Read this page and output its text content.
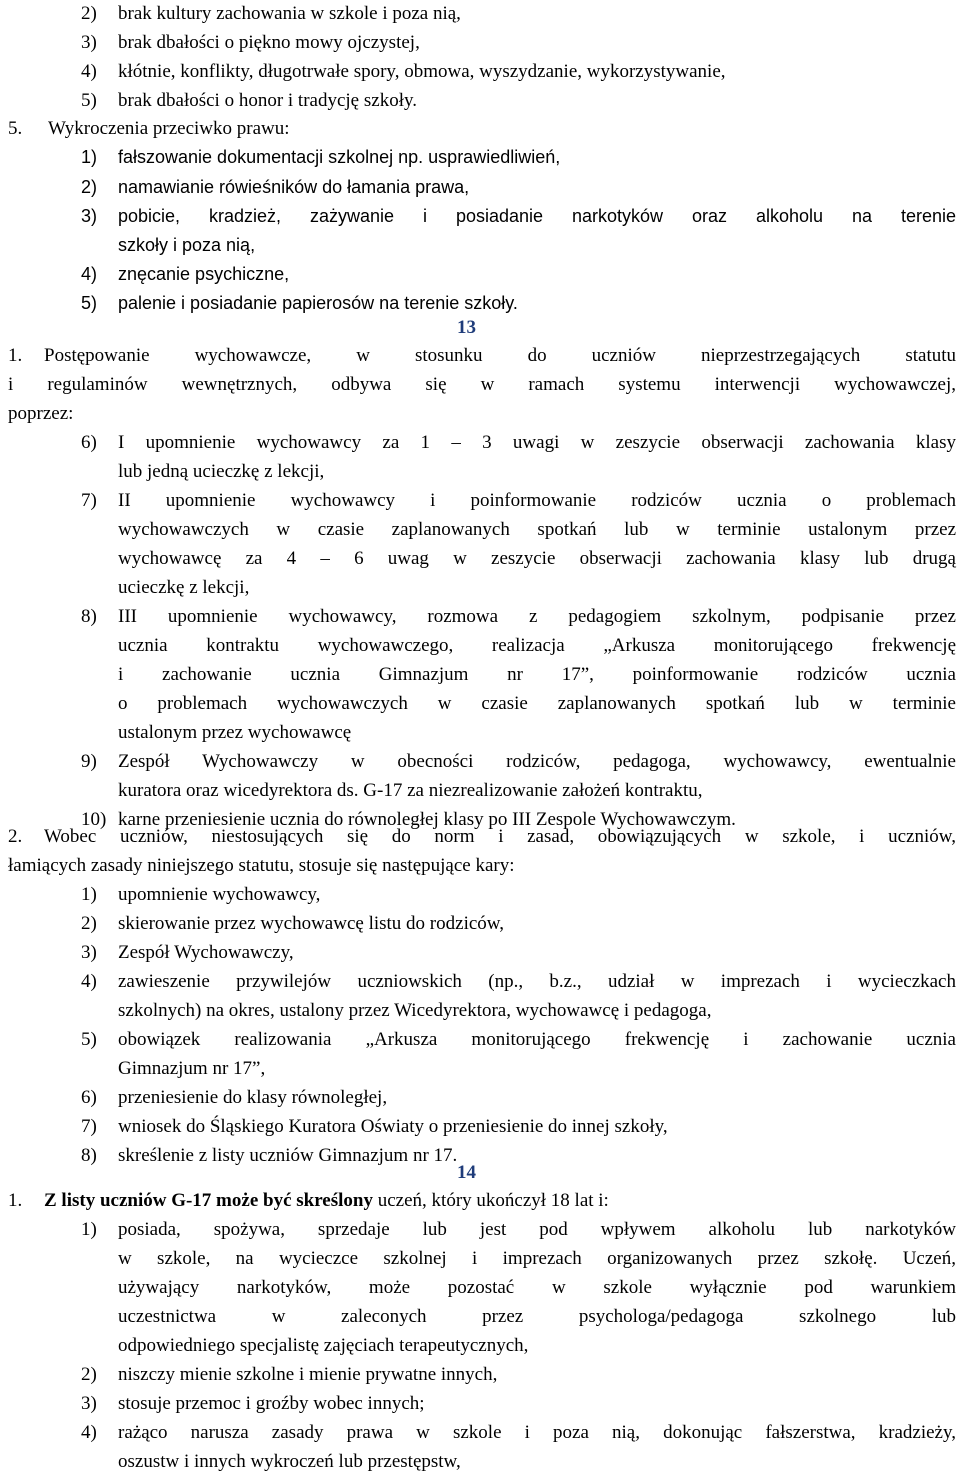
2) brak kultury zachowania w szkole i poza nią,
3) brak dbałości o piękno mowy ojczystej,
4) kłótnie, konflikty, długotrwałe spory, obmowa, wyszydzanie, wykorzystywanie,
5) brak dbałości o honor i tradycję szkoły.
5. Wykroczenia przeciwko prawu:
1) fałszowanie dokumentacji szkolnej np. usprawiedliwień,
2) namawianie rówieśników do łamania prawa,
3) pobicie, kradzież, zażywanie i posiadanie narkotyków oraz alkoholu na terenie
szkoły i poza nią,
4) znęcanie psychiczne,
5) palenie i posiadanie papierosów na terenie szkoły.
13
1. Postępowanie wychowawcze, w stosunku do uczniów nieprzestrzegających statutu
i regulaminów wewnętrznych, odbywa się w ramach systemu interwencji wychowawczej,
poprzez:
6) I upomnienie wychowawcy za 1 – 3 uwagi w zeszycie obserwacji zachowania klasy
lub jedną ucieczkę z lekcji,
7) II upomnienie wychowawcy i poinformowanie rodziców ucznia o problemach
wychowawczych w czasie zaplanowanych spotkań lub w terminie ustalonym przez
wychowawcę za 4 – 6 uwag w zeszycie obserwacji zachowania klasy lub drugą
ucieczkę z lekcji,
8) III upomnienie wychowawcy, rozmowa z pedagogiem szkolnym, podpisanie przez
ucznia kontraktu wychowawczego, realizacja „Arkusza monitorującego frekwencję
i zachowanie ucznia Gimnazjum nr 17”, poinformowanie rodziców ucznia
o problemach wychowawczych w czasie zaplanowanych spotkań lub w terminie
ustalonym przez wychowawcę
9) Zespół Wychowawczy w obecności rodziców, pedagoga, wychowawcy, ewentualnie
kuratora oraz wicedyrektora ds. G-17 za niezrealizowanie założeń kontraktu,
10) karne przeniesienie ucznia do równoległej klasy po III Zespole Wychowawczym.
2. Wobec uczniów, niestosujących się do norm i zasad, obowiązujących w szkole, i uczniów,
łamiących zasady niniejszego statutu, stosuje się następujące kary:
1) upomnienie wychowawcy,
2) skierowanie przez wychowawcę listu do rodziców,
3) Zespół Wychowawczy,
4) zawieszenie przywilejów uczniowskich (np., b.z., udział w imprezach i wycieczkach
szkolnych) na okres, ustalony przez Wicedyrektora, wychowawcę i pedagoga,
5) obowiązek realizowania „Arkusza monitorującego frekwencję i zachowanie ucznia
Gimnazjum nr 17”,
6) przeniesienie do klasy równoległej,
7) wniosek do Śląskiego Kuratora Oświaty o przeniesienie do innej szkoły,
8) skreślenie z listy uczniów Gimnazjum nr 17.
14
1. Z listy uczniów G-17 może być skreślony uczeń, który ukończył 18 lat i:
1) posiada, spożywa, sprzedaje lub jest pod wpływem alkoholu lub narkotyków
w szkole, na wycieczce szkolnej i imprezach organizowanych przez szkołę. Uczeń,
używający narkotyków, może pozostać w szkole wyłącznie pod warunkiem
uczestnictwa w zaleconych przez psychologa/pedagoga szkolnego lub
odpowiedniego specjalistę zajęciach terapeutycznych,
2) niszczy mienie szkolne i mienie prywatne innych,
3) stosuje przemoc i groźby wobec innych;
4) rażąco narusza zasady prawa w szkole i poza nią, dokonując fałszerstwa, kradzieży,
oszustw i innych wykroczeń lub przestępstw,
